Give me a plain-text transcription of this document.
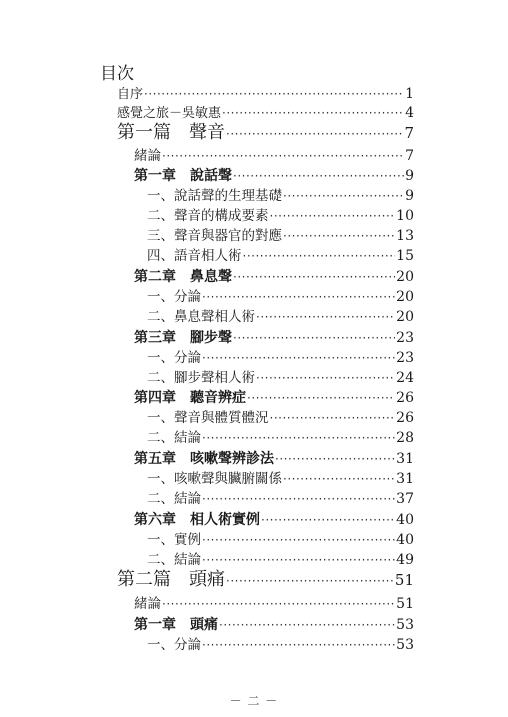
目次
自序 ·····	1
感覺之旅－吳敏惠 ·····	4
第一篇　聲音 ·····	7
緒論 ·····	7
第一章　說話聲 ·····	9
一、說話聲的生理基礎 ·····	9
二、聲音的構成要素 ·····	10
三、聲音與器官的對應 ·····	13
四、語音相人術 ·····	15
第二章　鼻息聲 ·····	20
一、分論 ·····	20
二、鼻息聲相人術 ·····	20
第三章　腳步聲 ·····	23
一、分論 ·····	23
二、腳步聲相人術 ·····	24
第四章　聽音辨症 ·····	26
一、聲音與體質體況 ·····	26
二、結論 ·····	28
第五章　咳嗽聲辨診法 ·····	31
一、咳嗽聲與臟腑關係 ·····	31
二、結論 ·····	37
第六章　相人術實例 ·····	40
一、實例 ·····	40
二、結論 ·····	49
第二篇　頭痛 ·····	51
緒論 ·····	51
第一章　頭痛 ·····	53
一、分論 ·····	53
－ 二 －
